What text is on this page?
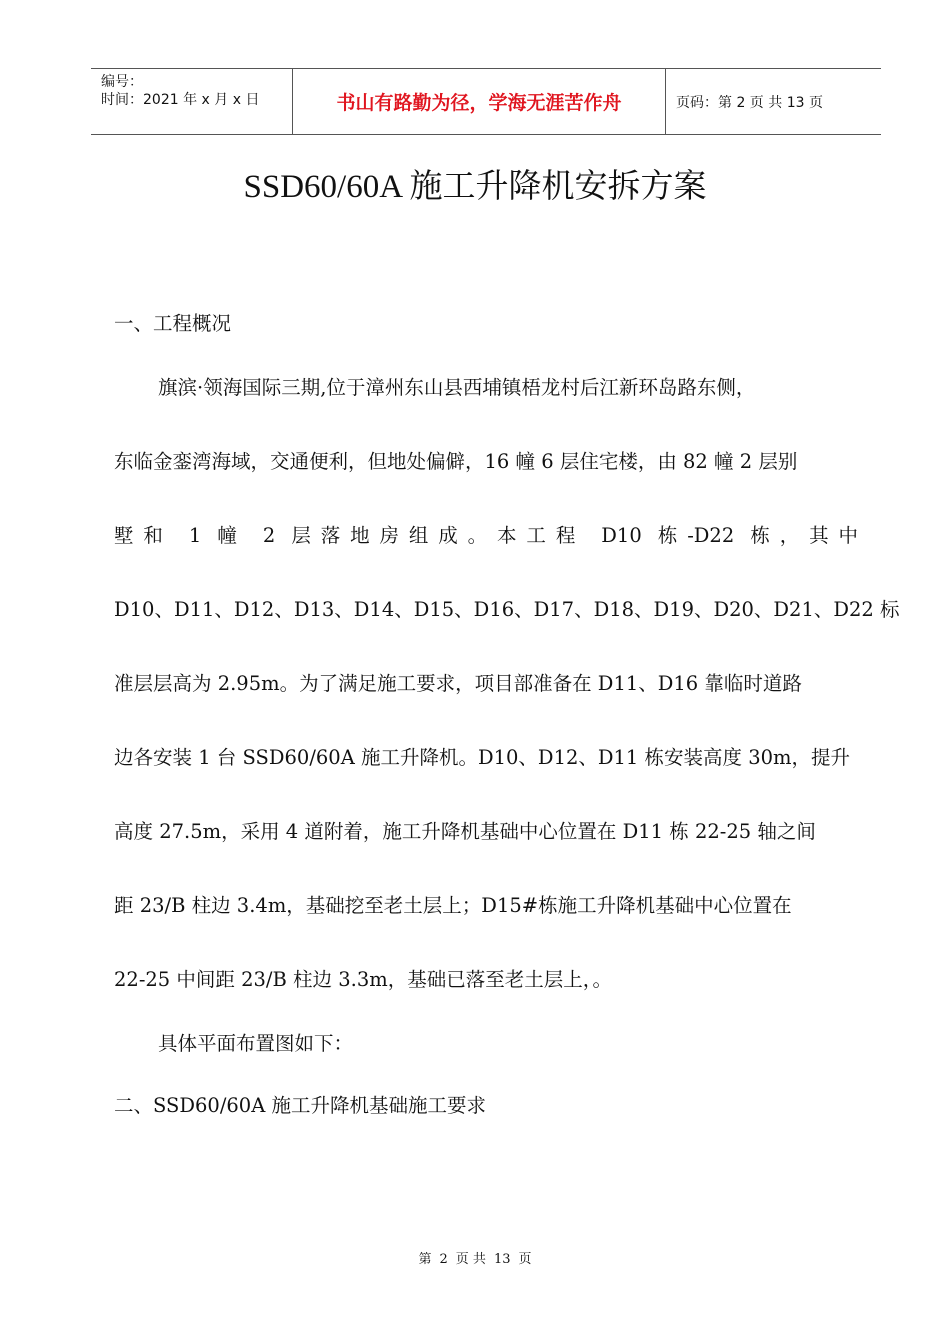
编号：
时间：2021 年 x 月 x 日	书山有路勤为径，学海无涯苦作舟	页码：第 2 页 共 13 页
SSD60/60A 施工升降机安拆方案
一、工程概况
旗滨·领海国际三期,位于漳州东山县西埔镇梧龙村后江新环岛路东侧，
东临金銮湾海域，交通便利，但地处偏僻，16 幢 6 层住宅楼，由 82 幢 2 层别
墅和 1 幢 2 层落地房组成。本工程 D10 栋-D22 栋，其中
D10、D11、D12、D13、D14、D15、D16、D17、D18、D19、D20、D21、D22 标
准层层高为 2.95m。为了满足施工要求，项目部准备在 D11、D16 靠临时道路
边各安装 1 台 SSD60/60A 施工升降机。D10、D12、D11 栋安装高度 30m，提升
高度 27.5m，采用 4 道附着，施工升降机基础中心位置在 D11 栋 22-25 轴之间
距 23/B 柱边 3.4m，基础挖至老土层上；D15#栋施工升降机基础中心位置在
22-25 中间距 23/B 柱边 3.3m，基础已落至老土层上，。
具体平面布置图如下：
二、SSD60/60A 施工升降机基础施工要求
第 2 页 共 13 页
